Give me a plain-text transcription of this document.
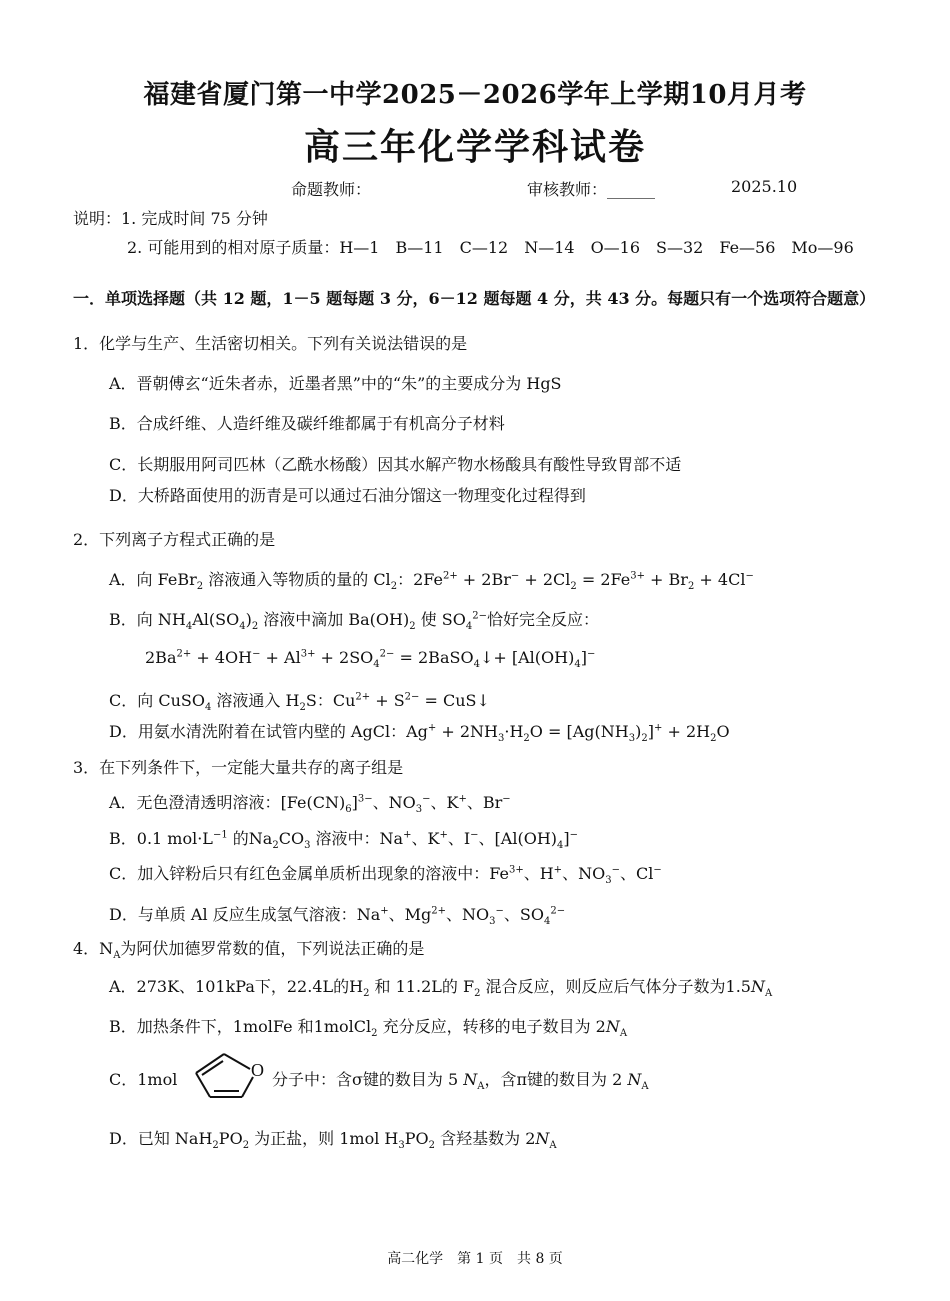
福建省厦门第一中学2025－2026学年上学期10月月考
高三年化学学科试卷
命题教师：	审核教师：______	2025.10
说明：1. 完成时间 75 分钟
2. 可能用到的相对原子质量：H—1　B—11　C—12　N—14　O—16　S—32　Fe—56　Mo—96
一．单项选择题（共 12 题，1－5 题每题 3 分，6－12 题每题 4 分，共 43 分。每题只有一个选项符合题意）
1．化学与生产、生活密切相关。下列有关说法错误的是
A．晋朝傅玄“近朱者赤，近墨者黑”中的“朱”的主要成分为 HgS
B．合成纤维、人造纤维及碳纤维都属于有机高分子材料
C．长期服用阿司匹林（乙酰水杨酸）因其水解产物水杨酸具有酸性导致胃部不适
D．大桥路面使用的沥青是可以通过石油分馏这一物理变化过程得到
2．下列离子方程式正确的是
A．向 FeBr$_2$ 溶液通入等物质的量的 $Cl_2$：$2Fe^{2+} + 2Br^- + 2Cl_2 = 2Fe^{3+} + Br_2 + 4Cl^-$
B．向 $NH_4Al(SO_4)_2$ 溶液中滴加 $Ba(OH)_2$ 使 $SO_4^{2-}$恰好完全反应：
$2Ba^{2+} + 4OH^- + Al^{3+} + 2SO_4^{2-}$ = 2BaSO$_4$↓+ $[Al(OH)_4]^-$
C．向 CuSO$_4$ 溶液通入 $H_2S$：$Cu^{2+} + S^{2-}$ = CuS↓
D．用氨水清洗附着在试管内壁的 AgCl：$Ag^+ + 2NH_3\cdot H_2O = [Ag(NH_3)_2]^+ + 2H_2O$
3．在下列条件下，一定能大量共存的离子组是
A．无色澄清透明溶液：$[Fe(CN)_6]^{3-}$、$NO_3^-$、K+、Br−
B．0.1 $mol\cdot L^{-1}$ 的$Na_2CO_3$ 溶液中：Na+、K+、I−、$[Al(OH)_4]^-$
C．加入锌粉后只有红色金属单质析出现象的溶液中：$Fe^{3+}$、H+、$NO_3^-$、Cl−
D．与单质 Al 反应生成氢气溶液：Na+、$Mg^{2+}$、$NO_3^-$、$SO_4^{2-}$
4．$N_A$为阿伏加德罗常数的值，下列说法正确的是
A．273K、101kPa下，22.4L的$H_2$ 和 11.2L的 $F_2$ 混合反应，则反应后气体分子数为$1.5N_A$
B．加热条件下，1molFe 和1molCl$_2$ 充分反应，转移的电子数目为 $2N_A$
C．1mol	O 分子中：含σ键的数目为 5 $N_A$，含π键的数目为 2 $N_A$
D．已知 $NaH_2PO_2$ 为正盐，则 1mol $H_3PO_2$ 含羟基数为 $2N_A$
高二化学　第 1 页　共 8 页
